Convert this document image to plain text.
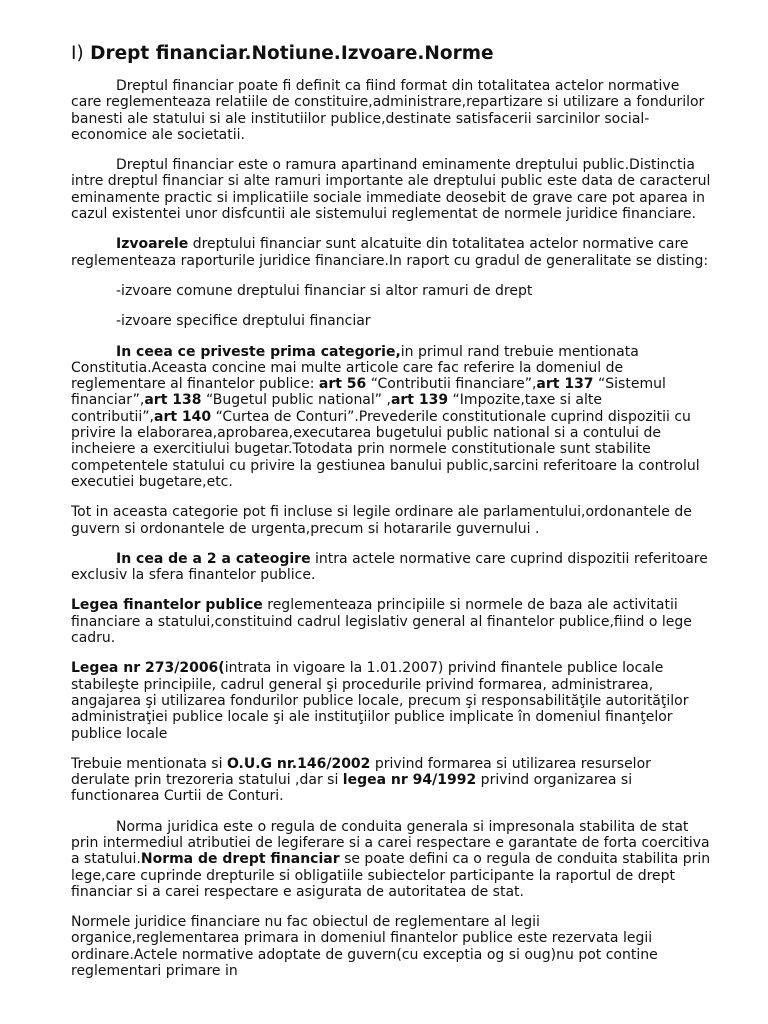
I) Drept financiar.Notiune.Izvoare.Norme

Dreptul financiar poate fi definit ca fiind format din totalitatea actelor normative care reglementeaza relatiile de constituire,administrare,repartizare si utilizare a fondurilor banesti ale statului si ale institutiilor publice,destinate satisfacerii sarcinilor social-economice ale societatii.

Dreptul financiar este o ramura apartinand eminamente dreptului public.Distinctia intre dreptul financiar si alte ramuri importante ale dreptului public este data de caracterul eminamente practic si implicatiile sociale immediate deosebit de grave care pot aparea in cazul existentei unor disfcuntii ale sistemului reglementat de normele juridice financiare.

Izvoarele dreptului financiar sunt alcatuite din totalitatea actelor normative care reglementeaza raporturile juridice financiare.In raport cu gradul de generalitate se disting:

-izvoare comune dreptului financiar si altor ramuri de drept

-izvoare specifice dreptului financiar

In ceea ce priveste prima categorie,in primul rand trebuie mentionata Constitutia.Aceasta concine mai multe articole care fac referire la domeniul de reglementare al finantelor publice: art 56 “Contributii financiare”,art 137 “Sistemul financiar”,art 138 “Bugetul public national” ,art 139 “Impozite,taxe si alte contributii”,art 140 “Curtea de Conturi”.Prevederile constitutionale cuprind dispozitii cu privire la elaborarea,aprobarea,executarea bugetului public national si a contului de incheiere a exercitiului bugetar.Totodata prin normele constitutionale sunt stabilite competentele statului cu privire la gestiunea banului public,sarcini referitoare la controlul executiei bugetare,etc.

Tot in aceasta categorie pot fi incluse si legile ordinare ale parlamentului,ordonantele de guvern si ordonantele de urgenta,precum si hotararile guvernului .

In cea de a 2 a cateogire intra actele normative care cuprind dispozitii referitoare exclusiv la sfera finantelor publice.

Legea finantelor publice reglementeaza principiile si normele de baza ale activitatii financiare a statului,constituind cadrul legislativ general al finantelor publice,fiind o lege cadru.

Legea nr 273/2006(intrata in vigoare la 1.01.2007) privind finantele publice locale stabileşte principiile, cadrul general şi procedurile privind formarea, administrarea, angajarea şi utilizarea fondurilor publice locale, precum şi responsabilităţile autorităţilor administraţiei publice locale şi ale instituţiilor publice implicate în domeniul finanţelor publice locale

Trebuie mentionata si O.U.G nr.146/2002 privind formarea si utilizarea resurselor derulate prin trezoreria statului ,dar si legea nr 94/1992 privind organizarea si functionarea Curtii de Conturi.

Norma juridica este o regula de conduita generala si impresonala stabilita de stat prin intermediul atributiei de legiferare si a carei respectare e garantate de forta coercitiva a statului.Norma de drept financiar se poate defini ca o regula de conduita stabilita prin lege,care cuprinde drepturile si obligatiile subiectelor participante la raportul de drept financiar si a carei respectare e asigurata de autoritatea de stat.

Normele juridice financiare nu fac obiectul de reglementare al legii organice,reglementarea primara in domeniul finantelor publice este rezervata legii ordinare.Actele normative adoptate de guvern(cu exceptia og si oug)nu pot contine reglementari primare in
